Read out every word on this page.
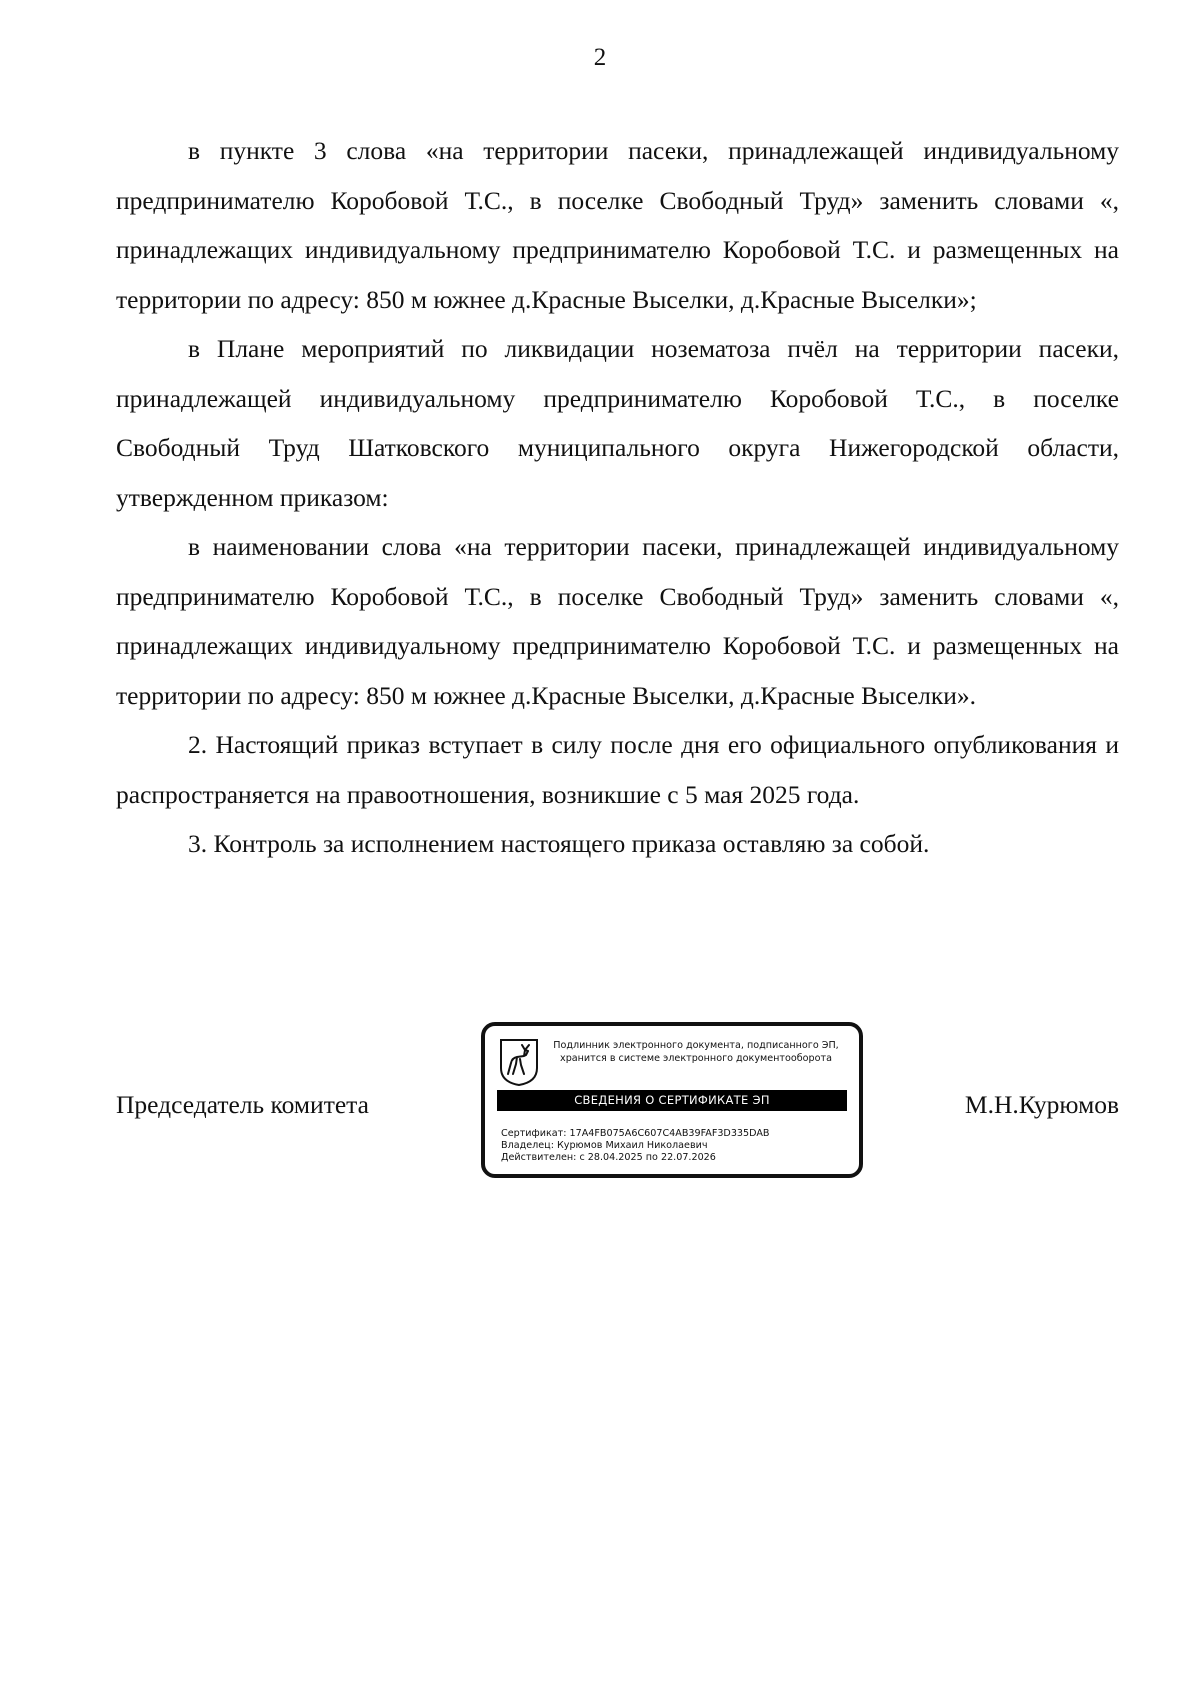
2

в пункте 3 слова «на территории пасеки, принадлежащей индивидуальному предпринимателю Коробовой Т.С., в поселке Свободный Труд» заменить словами «, принадлежащих индивидуальному предпринимателю Коробовой Т.С. и размещенных на территории по адресу: 850 м южнее д.Красные Выселки, д.Красные Выселки»;

в Плане мероприятий по ликвидации нозематоза пчёл на территории пасеки, принадлежащей индивидуальному предпринимателю Коробовой Т.С., в поселке Свободный Труд Шатковского муниципального округа Нижегородской области, утвержденном приказом:

в наименовании слова «на территории пасеки, принадлежащей индивидуальному предпринимателю Коробовой Т.С., в поселке Свободный Труд» заменить словами «, принадлежащих индивидуальному предпринимателю Коробовой Т.С. и размещенных на территории по адресу: 850 м южнее д.Красные Выселки, д.Красные Выселки».

2. Настоящий приказ вступает в силу после дня его официального опубликования и распространяется на правоотношения, возникшие с 5 мая 2025 года.

3. Контроль за исполнением настоящего приказа оставляю за собой.

Председатель комитета
Подлинник электронного документа, подписанного ЭП,
хранится в системе электронного документооборота
СВЕДЕНИЯ О СЕРТИФИКАТЕ ЭП
Сертификат: 17A4FB075A6C607C4AB39FAF3D335DAB
Владелец: Курюмов Михаил Николаевич
Действителен: с 28.04.2025 по 22.07.2026
М.Н.Курюмов
